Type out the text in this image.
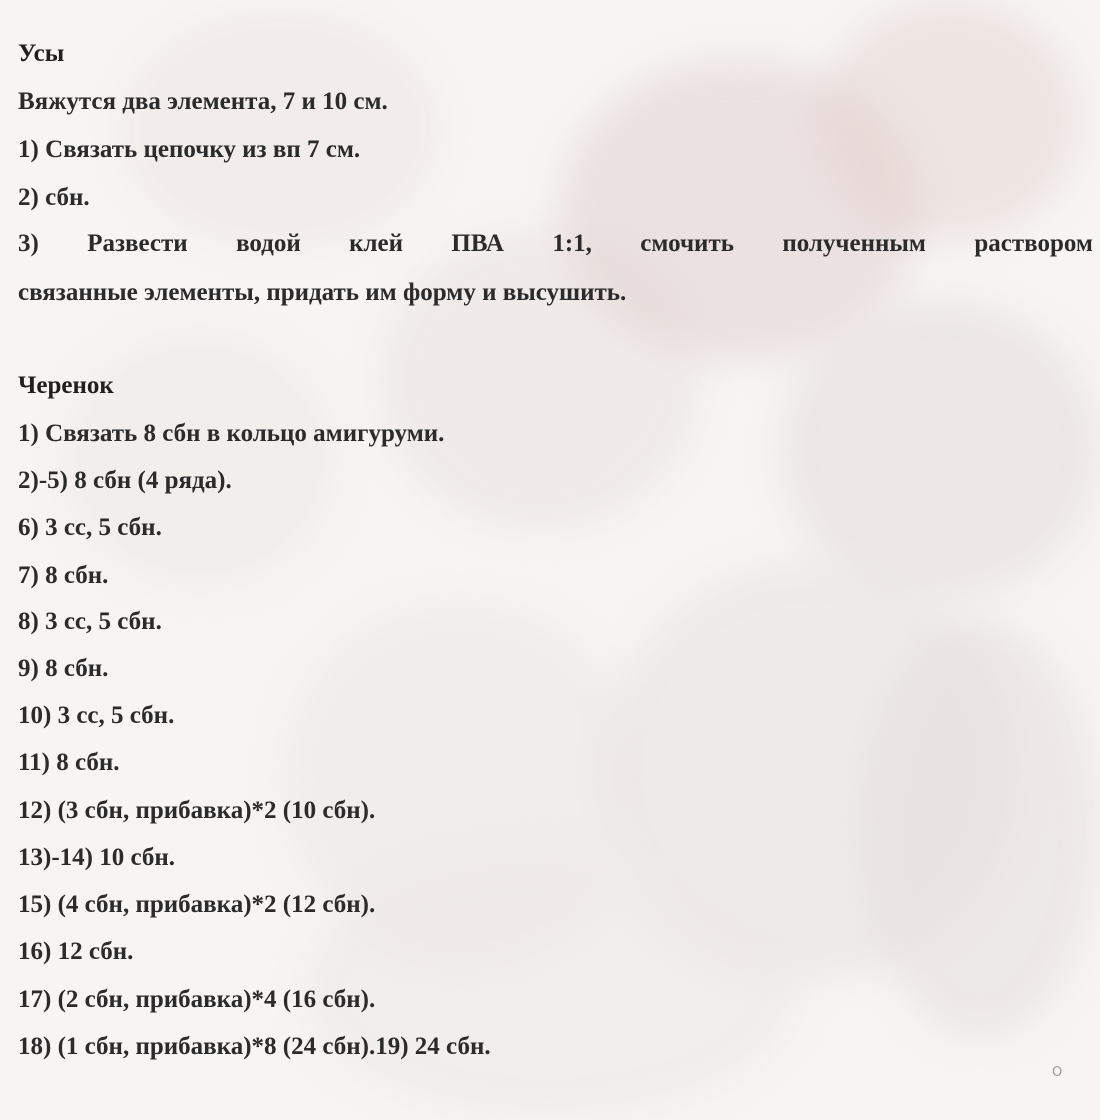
Усы
Вяжутся два элемента, 7 и 10 см.
1) Связать цепочку из вп 7 см.
2) сбн.
3) Развести водой клей ПВА 1:1, смочить полученным раствором
связанные элементы, придать им форму и высушить.
Черенок
1) Связать 8 сбн в кольцо амигуруми.
2)-5) 8 сбн (4 ряда).
6) 3 сс, 5 сбн.
7) 8 сбн.
8) 3 сс, 5 сбн.
9) 8 сбн.
10) 3 сс, 5 сбн.
11) 8 сбн.
12) (3 сбн, прибавка)*2 (10 сбн).
13)-14) 10 сбн.
15) (4 сбн, прибавка)*2 (12 сбн).
16) 12 сбн.
17) (2 сбн, прибавка)*4 (16 сбн).
18) (1 сбн, прибавка)*8 (24 сбн).19) 24 сбн.
О
